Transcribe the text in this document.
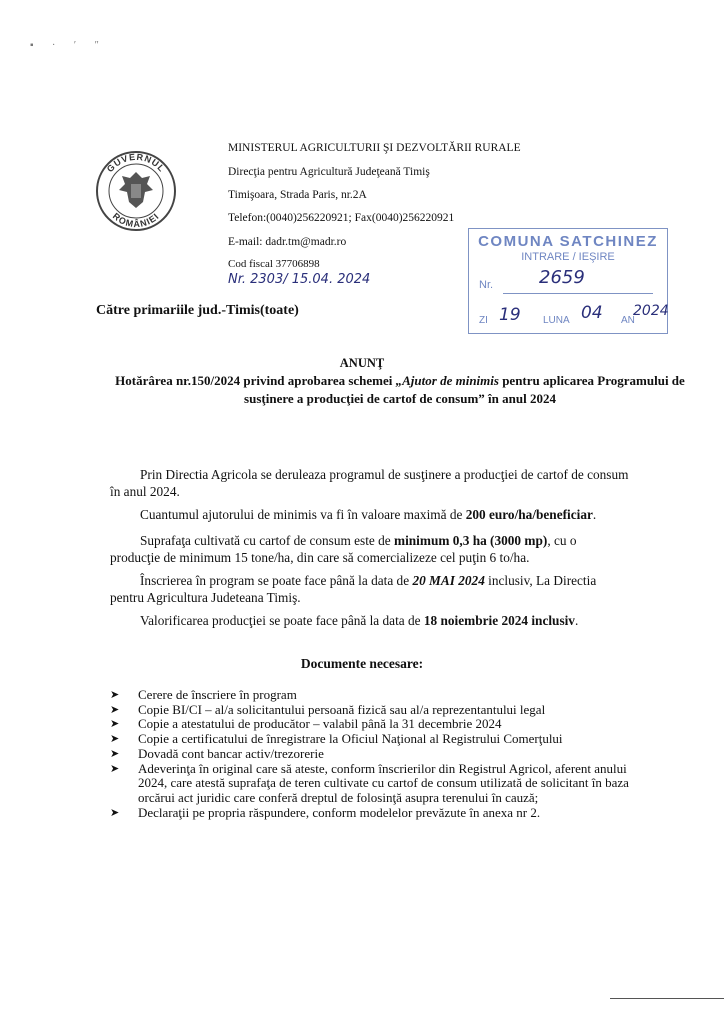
▪ · ′ ″
GUVERNUL
ROMÂNIEI
MINISTERUL AGRICULTURII ŞI DEZVOLTĂRII RURALE
Direcţia pentru Agricultură Judeţeană Timiş
Timişoara, Strada Paris, nr.2A
Telefon:(0040)256220921; Fax(0040)256220921
E-mail: dadr.tm@madr.ro
Cod fiscal 37706898
Nr. 2303/ 15.04. 2024
COMUNA SATCHINEZ
INTRARE / IEŞIRE
Nr.	2659
ZI 19 LUNA 04 AN
2024
Către primariile jud.-Timis(toate)
ANUNŢ
Hotărârea nr.150/2024 privind aprobarea schemei „Ajutor de minimis pentru aplicarea Programului de susţinere a producţiei de cartof de consum” în anul 2024
Prin Directia Agricola se deruleaza programul de susţinere a producţiei de cartof de consum în anul 2024.
Cuantumul ajutorului de minimis va fi în valoare maximă de 200 euro/ha/beneficiar.
Suprafaţa cultivată cu cartof de consum este de minimum 0,3 ha (3000 mp), cu o producţie de minimum 15 tone/ha, din care să comercializeze cel puţin 6 to/ha.
Înscrierea în program se poate face până la data de 20 MAI 2024 inclusiv, La Directia pentru Agricultura Judeteana Timiş.
Valorificarea producţiei se poate face până la data de 18 noiembrie 2024 inclusiv.
Documente necesare:
➤ Cerere de înscriere în program
➤ Copie BI/CI – al/a solicitantului persoană fizică sau al/a reprezentantului legal
➤ Copie a atestatului de producător – valabil până la 31 decembrie 2024
➤ Copie a certificatului de înregistrare la Oficiul Naţional al Registrului Comerţului
➤ Dovadă cont bancar activ/trezorerie
➤ Adeverinţa în original care să ateste, conform înscrierilor din Registrul Agricol, aferent anului 2024, care atestă suprafaţa de teren cultivate cu cartof de consum utilizată de solicitant în baza orcărui act juridic care conferă dreptul de folosinţă asupra terenului în cauză;
➤ Declaraţii pe propria răspundere, conform modelelor prevăzute în anexa nr 2.
